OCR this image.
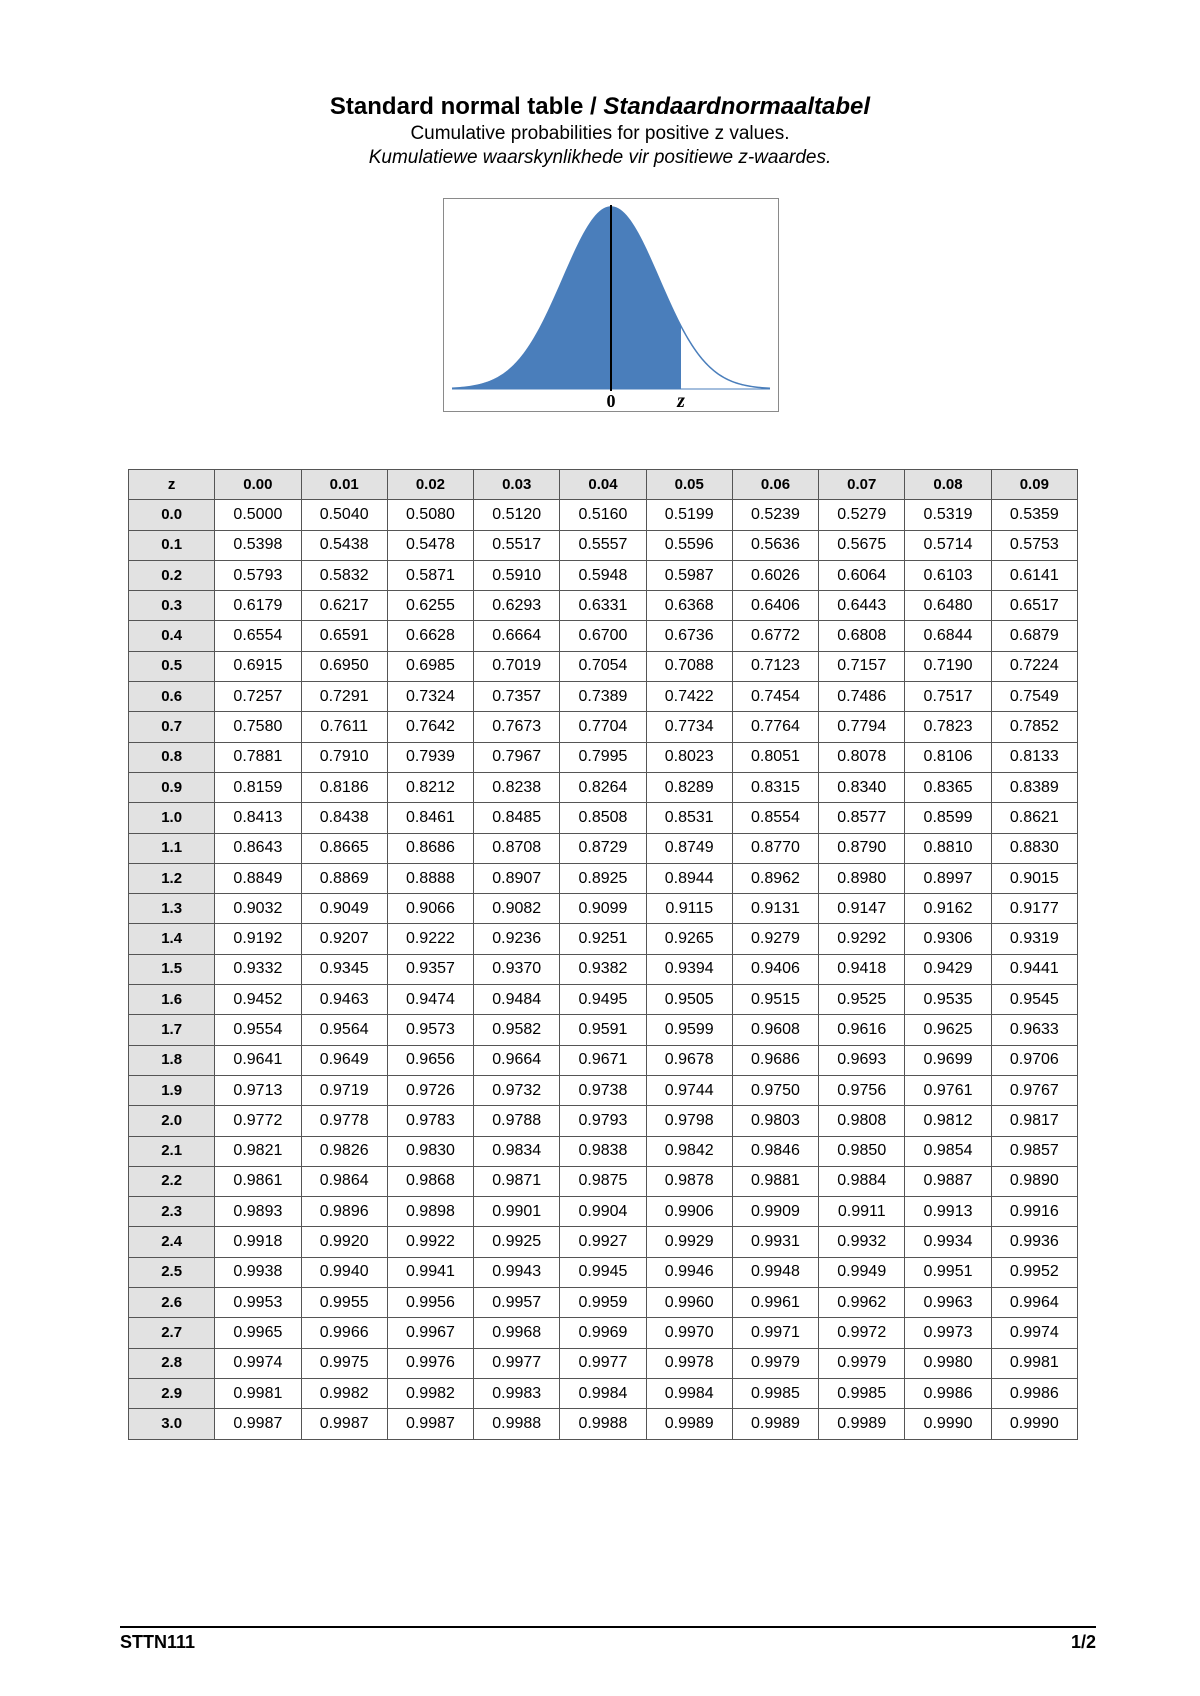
Standard normal table / Standaardnormaaltabel
Cumulative probabilities for positive z values.
Kumulatiewe waarskynlikhede vir positiewe z-waardes.
0	z
z	0.00	0.01	0.02	0.03	0.04	0.05	0.06	0.07	0.08	0.09
0.0	0.5000	0.5040	0.5080	0.5120	0.5160	0.5199	0.5239	0.5279	0.5319	0.5359
0.1	0.5398	0.5438	0.5478	0.5517	0.5557	0.5596	0.5636	0.5675	0.5714	0.5753
0.2	0.5793	0.5832	0.5871	0.5910	0.5948	0.5987	0.6026	0.6064	0.6103	0.6141
0.3	0.6179	0.6217	0.6255	0.6293	0.6331	0.6368	0.6406	0.6443	0.6480	0.6517
0.4	0.6554	0.6591	0.6628	0.6664	0.6700	0.6736	0.6772	0.6808	0.6844	0.6879
0.5	0.6915	0.6950	0.6985	0.7019	0.7054	0.7088	0.7123	0.7157	0.7190	0.7224
0.6	0.7257	0.7291	0.7324	0.7357	0.7389	0.7422	0.7454	0.7486	0.7517	0.7549
0.7	0.7580	0.7611	0.7642	0.7673	0.7704	0.7734	0.7764	0.7794	0.7823	0.7852
0.8	0.7881	0.7910	0.7939	0.7967	0.7995	0.8023	0.8051	0.8078	0.8106	0.8133
0.9	0.8159	0.8186	0.8212	0.8238	0.8264	0.8289	0.8315	0.8340	0.8365	0.8389
1.0	0.8413	0.8438	0.8461	0.8485	0.8508	0.8531	0.8554	0.8577	0.8599	0.8621
1.1	0.8643	0.8665	0.8686	0.8708	0.8729	0.8749	0.8770	0.8790	0.8810	0.8830
1.2	0.8849	0.8869	0.8888	0.8907	0.8925	0.8944	0.8962	0.8980	0.8997	0.9015
1.3	0.9032	0.9049	0.9066	0.9082	0.9099	0.9115	0.9131	0.9147	0.9162	0.9177
1.4	0.9192	0.9207	0.9222	0.9236	0.9251	0.9265	0.9279	0.9292	0.9306	0.9319
1.5	0.9332	0.9345	0.9357	0.9370	0.9382	0.9394	0.9406	0.9418	0.9429	0.9441
1.6	0.9452	0.9463	0.9474	0.9484	0.9495	0.9505	0.9515	0.9525	0.9535	0.9545
1.7	0.9554	0.9564	0.9573	0.9582	0.9591	0.9599	0.9608	0.9616	0.9625	0.9633
1.8	0.9641	0.9649	0.9656	0.9664	0.9671	0.9678	0.9686	0.9693	0.9699	0.9706
1.9	0.9713	0.9719	0.9726	0.9732	0.9738	0.9744	0.9750	0.9756	0.9761	0.9767
2.0	0.9772	0.9778	0.9783	0.9788	0.9793	0.9798	0.9803	0.9808	0.9812	0.9817
2.1	0.9821	0.9826	0.9830	0.9834	0.9838	0.9842	0.9846	0.9850	0.9854	0.9857
2.2	0.9861	0.9864	0.9868	0.9871	0.9875	0.9878	0.9881	0.9884	0.9887	0.9890
2.3	0.9893	0.9896	0.9898	0.9901	0.9904	0.9906	0.9909	0.9911	0.9913	0.9916
2.4	0.9918	0.9920	0.9922	0.9925	0.9927	0.9929	0.9931	0.9932	0.9934	0.9936
2.5	0.9938	0.9940	0.9941	0.9943	0.9945	0.9946	0.9948	0.9949	0.9951	0.9952
2.6	0.9953	0.9955	0.9956	0.9957	0.9959	0.9960	0.9961	0.9962	0.9963	0.9964
2.7	0.9965	0.9966	0.9967	0.9968	0.9969	0.9970	0.9971	0.9972	0.9973	0.9974
2.8	0.9974	0.9975	0.9976	0.9977	0.9977	0.9978	0.9979	0.9979	0.9980	0.9981
2.9	0.9981	0.9982	0.9982	0.9983	0.9984	0.9984	0.9985	0.9985	0.9986	0.9986
3.0	0.9987	0.9987	0.9987	0.9988	0.9988	0.9989	0.9989	0.9989	0.9990	0.9990
STTN111	1/2
